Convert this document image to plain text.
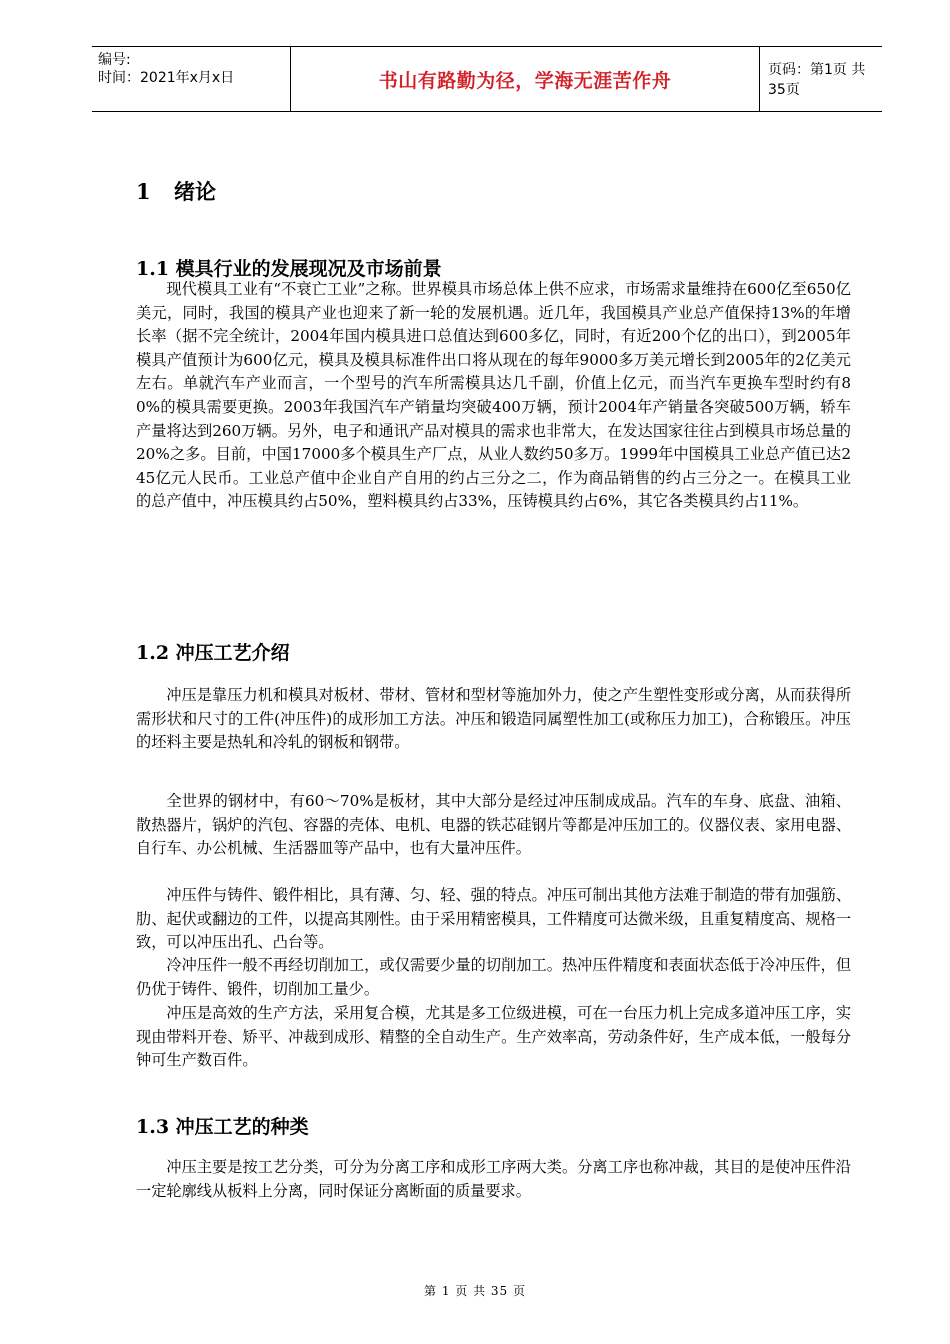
编号:
时间：2021年x月x日	书山有路勤为径，学海无涯苦作舟	页码：第1页 共35页
1 绪论
1.1 模具行业的发展现况及市场前景

现代模具工业有“不衰亡工业”之称。世界模具市场总体上供不应求，市场需求量维持在600亿至650亿美元，同时，我国的模具产业也迎来了新一轮的发展机遇。近几年，我国模具产业总产值保持13%的年增长率（据不完全统计，2004年国内模具进口总值达到600多亿，同时，有近200个亿的出口），到2005年模具产值预计为600亿元，模具及模具标准件出口将从现在的每年9000多万美元增长到2005年的2亿美元左右。单就汽车产业而言，一个型号的汽车所需模具达几千副，价值上亿元，而当汽车更换车型时约有80%的模具需要更换。2003年我国汽车产销量均突破400万辆，预计2004年产销量各突破500万辆，轿车产量将达到260万辆。另外，电子和通讯产品对模具的需求也非常大，在发达国家往往占到模具市场总量的20%之多。目前，中国17000多个模具生产厂点，从业人数约50多万。1999年中国模具工业总产值已达245亿元人民币。工业总产值中企业自产自用的约占三分之二，作为商品销售的约占三分之一。在模具工业的总产值中，冲压模具约占50%，塑料模具约占33%，压铸模具约占6%，其它各类模具约占11%。

1.2 冲压工艺介绍

冲压是靠压力机和模具对板材、带材、管材和型材等施加外力，使之产生塑性变形或分离，从而获得所需形状和尺寸的工件(冲压件)的成形加工方法。冲压和锻造同属塑性加工(或称压力加工)，合称锻压。冲压的坯料主要是热轧和冷轧的钢板和钢带。

全世界的钢材中，有60～70%是板材，其中大部分是经过冲压制成成品。汽车的车身、底盘、油箱、散热器片，锅炉的汽包、容器的壳体、电机、电器的铁芯硅钢片等都是冲压加工的。仪器仪表、家用电器、自行车、办公机械、生活器皿等产品中，也有大量冲压件。

冲压件与铸件、锻件相比，具有薄、匀、轻、强的特点。冲压可制出其他方法难于制造的带有加强筋、肋、起伏或翻边的工件，以提高其刚性。由于采用精密模具，工件精度可达微米级，且重复精度高、规格一致，可以冲压出孔、凸台等。

冷冲压件一般不再经切削加工，或仅需要少量的切削加工。热冲压件精度和表面状态低于冷冲压件，但仍优于铸件、锻件，切削加工量少。

冲压是高效的生产方法，采用复合模，尤其是多工位级进模，可在一台压力机上完成多道冲压工序，实现由带料开卷、矫平、冲裁到成形、精整的全自动生产。生产效率高，劳动条件好，生产成本低，一般每分钟可生产数百件。

1.3 冲压工艺的种类

冲压主要是按工艺分类，可分为分离工序和成形工序两大类。分离工序也称冲裁，其目的是使冲压件沿一定轮廓线从板料上分离，同时保证分离断面的质量要求。

第 1 页 共 35 页
